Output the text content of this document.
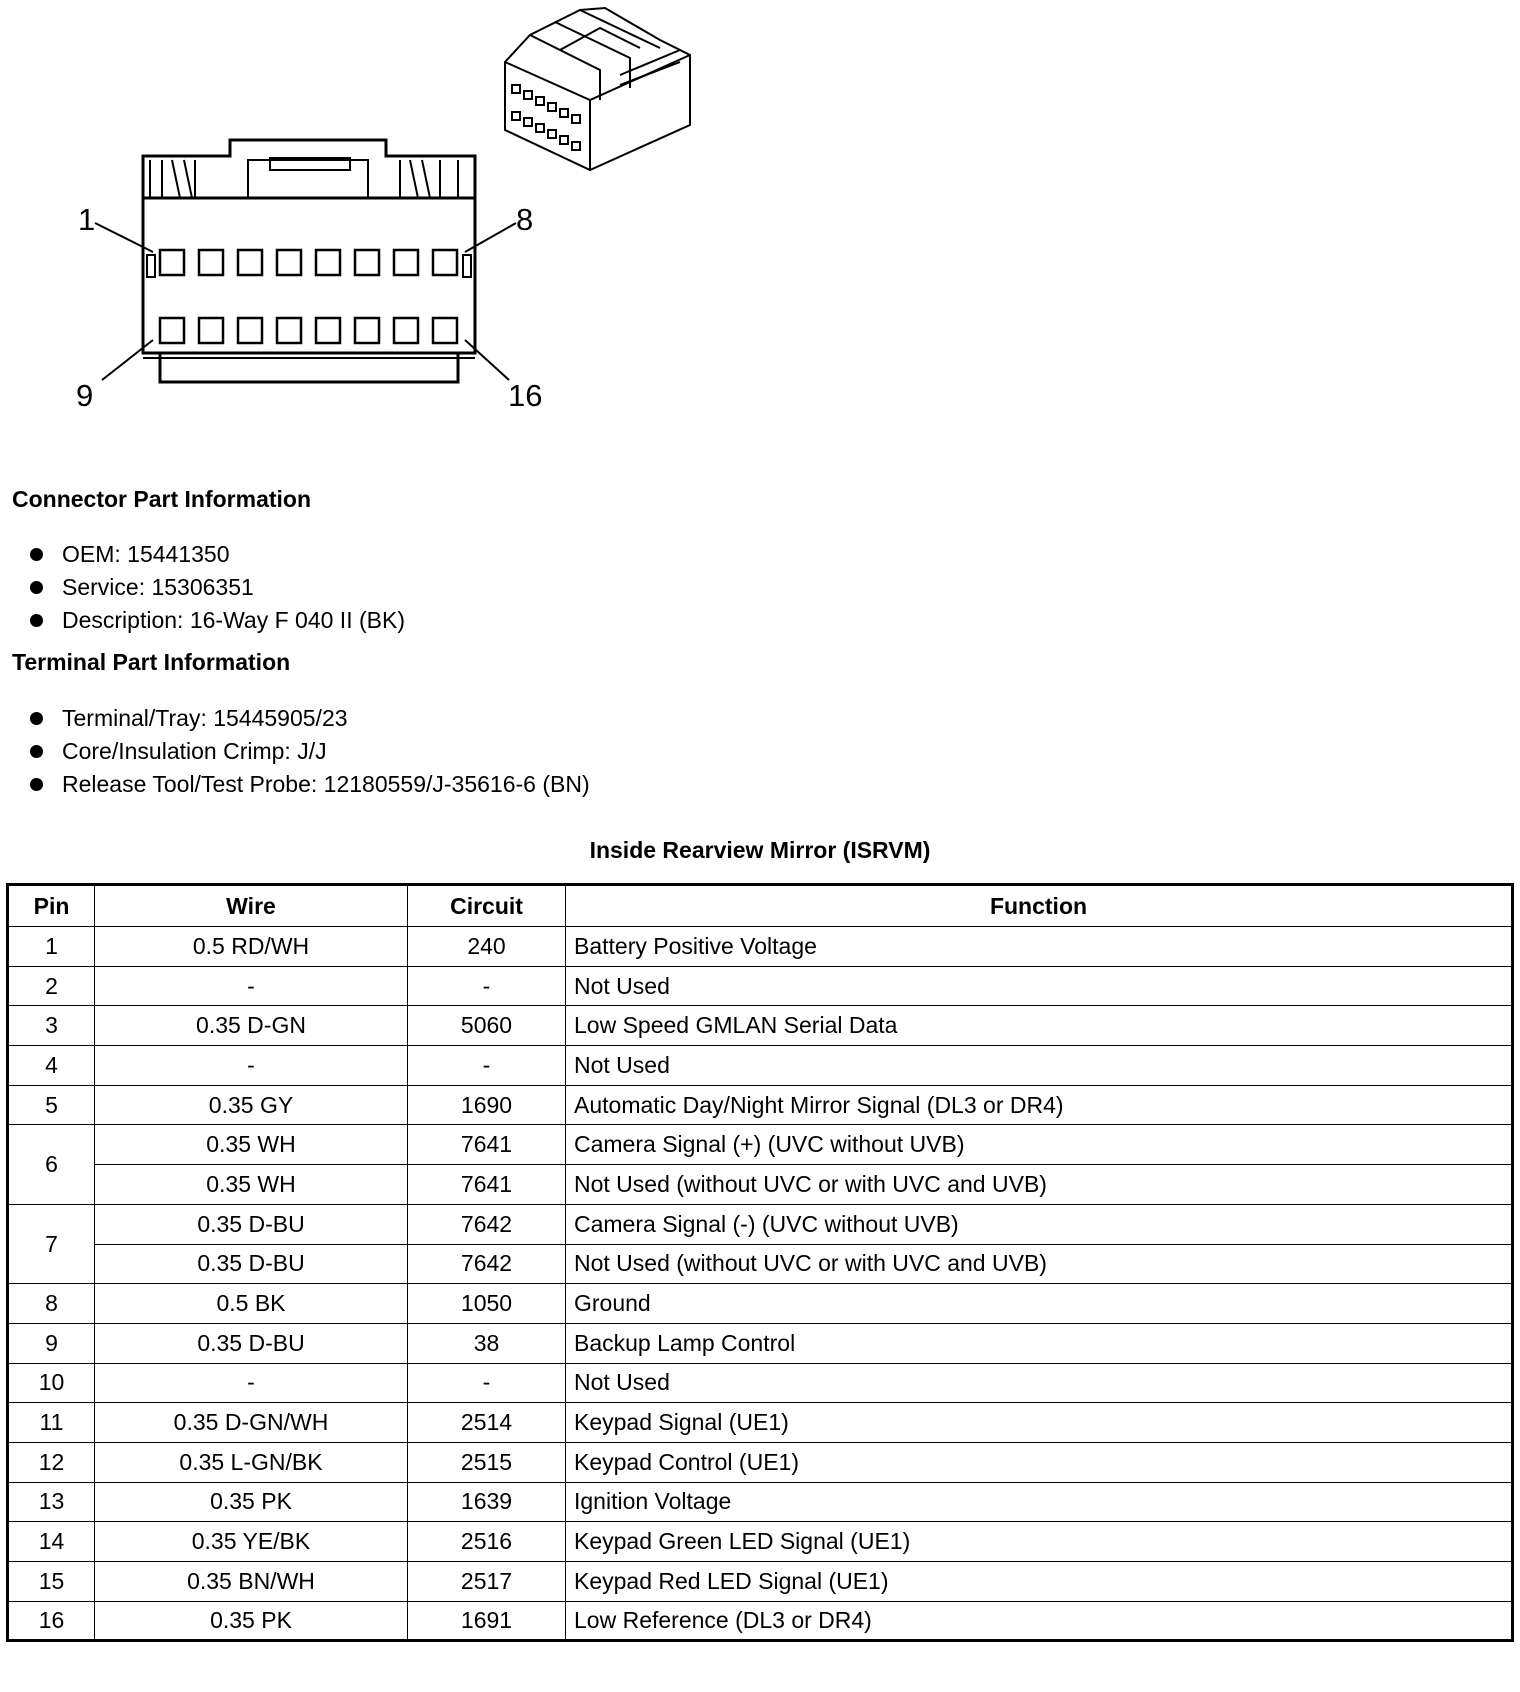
1	8
9	16
Connector Part Information
OEM: 15441350
Service: 15306351
Description: 16-Way F 040 II (BK)
Terminal Part Information
Terminal/Tray: 15445905/23
Core/Insulation Crimp: J/J
Release Tool/Test Probe: 12180559/J-35616-6 (BN)
Inside Rearview Mirror (ISRVM)
Pin	Wire	Circuit	Function
1	0.5 RD/WH	240	Battery Positive Voltage
2	-	-	Not Used
3	0.35 D-GN	5060	Low Speed GMLAN Serial Data
4	-	-	Not Used
5	0.35 GY	1690	Automatic Day/Night Mirror Signal (DL3 or DR4)
6	0.35 WH	7641	Camera Signal (+) (UVC without UVB)
	0.35 WH	7641	Not Used (without UVC or with UVC and UVB)
7	0.35 D-BU	7642	Camera Signal (-) (UVC without UVB)
	0.35 D-BU	7642	Not Used (without UVC or with UVC and UVB)
8	0.5 BK	1050	Ground
9	0.35 D-BU	38	Backup Lamp Control
10	-	-	Not Used
11	0.35 D-GN/WH	2514	Keypad Signal (UE1)
12	0.35 L-GN/BK	2515	Keypad Control (UE1)
13	0.35 PK	1639	Ignition Voltage
14	0.35 YE/BK	2516	Keypad Green LED Signal (UE1)
15	0.35 BN/WH	2517	Keypad Red LED Signal (UE1)
16	0.35 PK	1691	Low Reference (DL3 or DR4)
